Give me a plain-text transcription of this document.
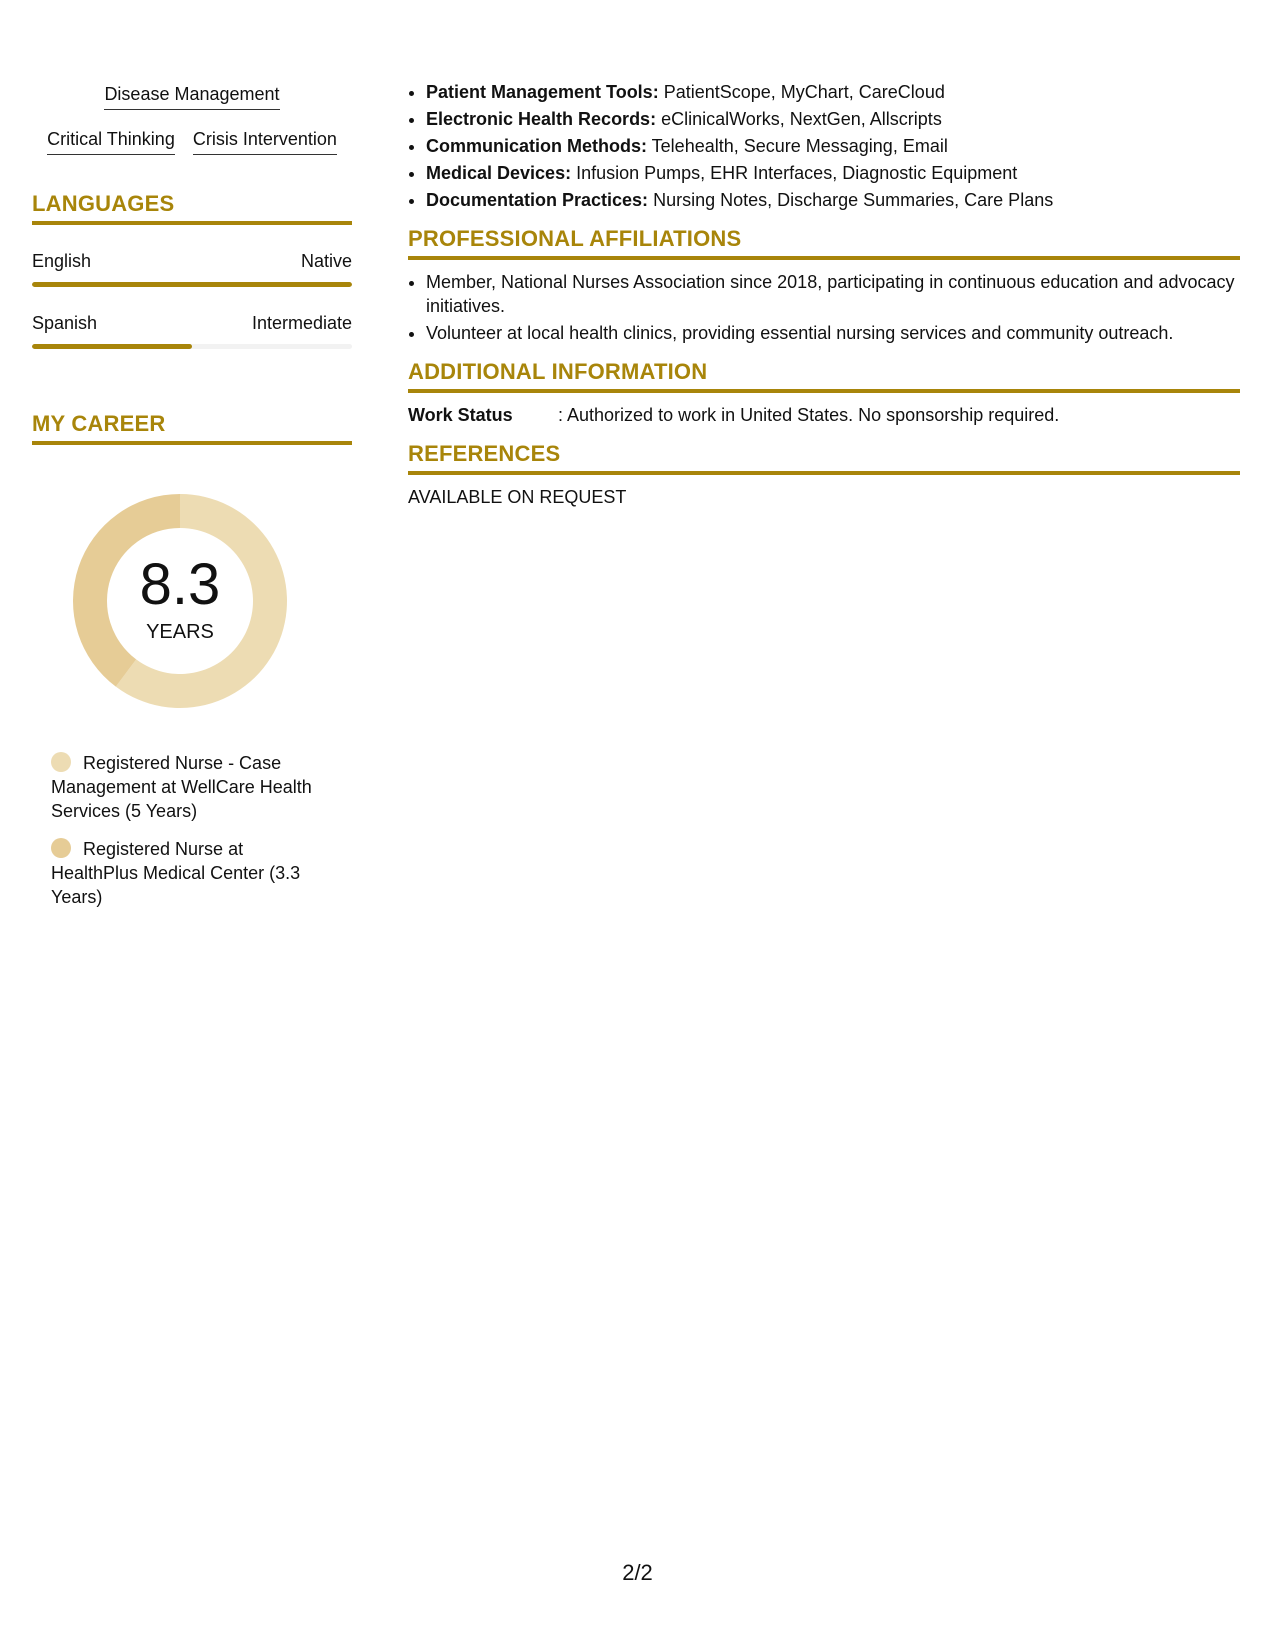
Disease Management
Critical Thinking Crisis Intervention
LANGUAGES
English	Native
Spanish	Intermediate
MY CAREER
8.3
YEARS
Registered Nurse - Case Management at WellCare Health Services (5 Years)
Registered Nurse at HealthPlus Medical Center (3.3 Years)
• Patient Management Tools: PatientScope, MyChart, CareCloud
• Electronic Health Records: eClinicalWorks, NextGen, Allscripts
• Communication Methods: Telehealth, Secure Messaging, Email
• Medical Devices: Infusion Pumps, EHR Interfaces, Diagnostic Equipment
• Documentation Practices: Nursing Notes, Discharge Summaries, Care Plans
PROFESSIONAL AFFILIATIONS
• Member, National Nurses Association since 2018, participating in continuous education and advocacy initiatives.
• Volunteer at local health clinics, providing essential nursing services and community outreach.
ADDITIONAL INFORMATION
Work Status	: Authorized to work in United States. No sponsorship required.
REFERENCES
AVAILABLE ON REQUEST
2/2
